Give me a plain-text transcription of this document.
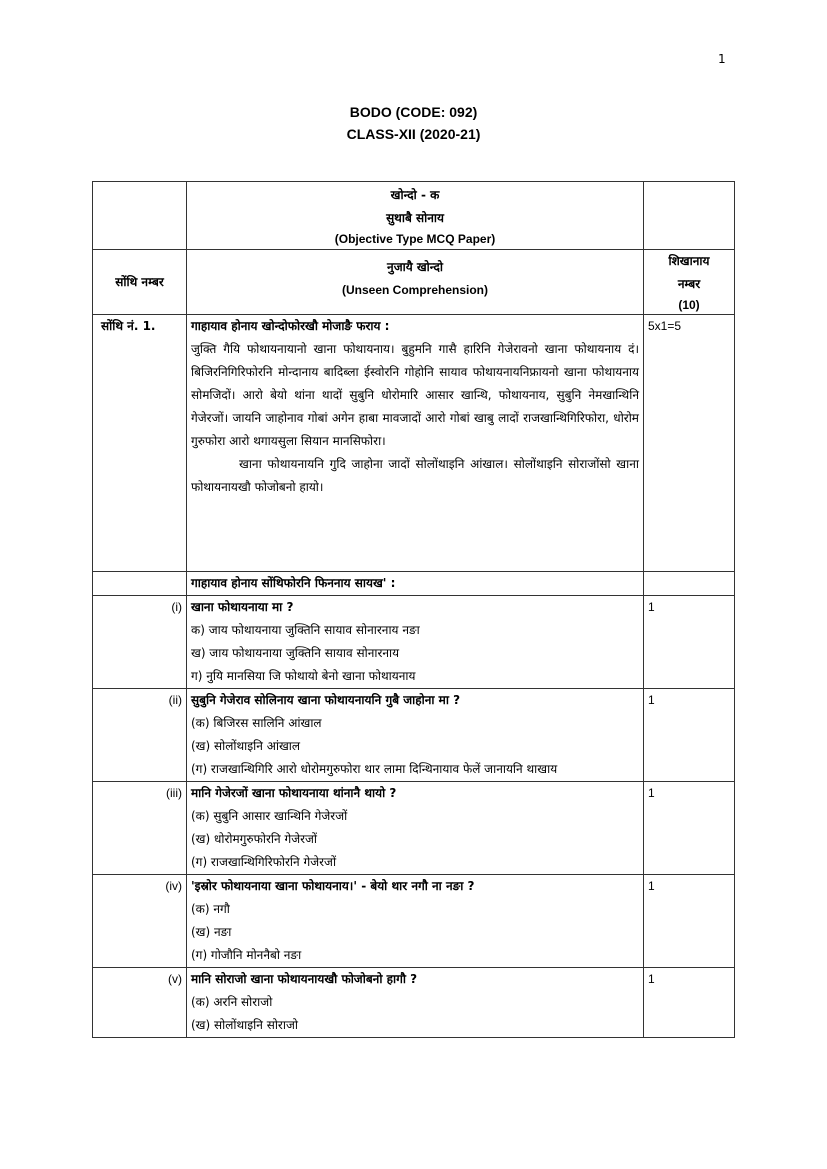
1
BODO (CODE: 092)
CLASS-XII (2020-21)

	खोन्दो - क
सुथाबै सोनाय
(Objective Type MCQ Paper)	

सोंथि नम्बर	नुजायै खोन्दो
(Unseen Comprehension)	शिखानाय
नम्बर
(10)

सोंथि नं. 1.	गाहायाव होनाय खोन्दोफोरखौ मोजाङै फराय :
जुक्ति गैयि फोथायनायानो खाना फोथायनाय। बुहुमनि गासै हारिनि गेजेरावनो खाना फोथायनाय दं। बिजिरनिगिरिफोरनि मोन्दानाय बादिब्ला ईस्वोरनि गोहोनि सायाव फोथायनायनिफ्रायनो खाना फोथायनाय सोमजिदों। आरो बेयो थांना थादों सुबुनि धोरोमारि आसार खान्थि, फोथायनाय, सुबुनि नेमखान्थिनि गेजेरजों। जायनि जाहोनाव गोबां अगेन हाबा मावजादों आरो गोबां खाबु लादों राजखान्थिगिरिफोरा, धोरोम गुरुफोरा आरो थगायसुला सियान मानसिफोरा।
खाना फोथायनायनि गुदि जाहोना जादों सोलोंथाइनि आंखाल। सोलोंथाइनि सोराजोंसो खाना फोथायनायखौ फोजोबनो हायो।	5x1=5
	गाहायाव होनाय सोंथिफोरनि फिननाय सायख' :	
(i)	खाना फोथायनाया मा ?
क) जाय फोथायनाया जुक्तिनि सायाव सोनारनाय नङा
ख) जाय फोथायनाया जुक्तिनि सायाव सोनारनाय
ग) नुयि मानसिया जि फोथायो बेनो खाना फोथायनाय	1
(ii)	सुबुनि गेजेराव सोलिनाय खाना फोथायनायनि गुबै जाहोना मा ?
(क) बिजिरस सालिनि आंखाल
(ख) सोलोंथाइनि आंखाल
(ग) राजखान्थिगिरि आरो धोरोमगुरुफोरा थार लामा दिन्थिनायाव फेलें जानायनि थाखाय	1
(iii)	मानि गेजेरजों खाना फोथायनाया थांनानै थायो ?
(क) सुबुनि आसार खान्थिनि गेजेरजों
(ख) धोरोमगुरुफोरनि गेजेरजों
(ग) राजखान्थिगिरिफोरनि गेजेरजों	1
(iv)	'इस्रोर फोथायनाया खाना फोथायनाय।' - बेयो थार नगौ ना नङा ?
(क) नगौ
(ख) नङा
(ग) गोजौनि मोननैबो नङा	1
(v)	मानि सोराजो खाना फोथायनायखौ फोजोबनो हागौ ?
(क) अरनि सोराजो
(ख) सोलोंथाइनि सोराजो	1
